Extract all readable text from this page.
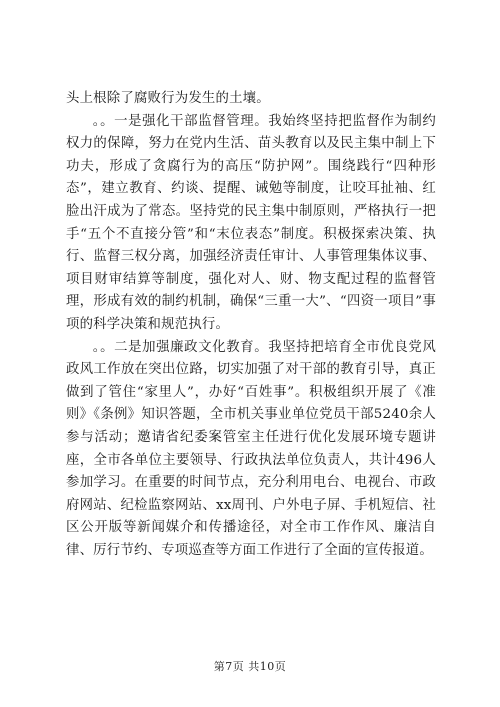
头上根除了腐败行为发生的土壤。

。。一是强化干部监督管理。我始终坚持把监督作为制约权力的保障，努力在党内生活、苗头教育以及民主集中制上下功夫，形成了贪腐行为的高压“防护网”。围绕践行“四种形态”，建立教育、约谈、提醒、诫勉等制度，让咬耳扯袖、红脸出汗成为了常态。坚持党的民主集中制原则，严格执行一把手“五个不直接分管”和“末位表态”制度。积极探索决策、执行、监督三权分离，加强经济责任审计、人事管理集体议事、项目财审结算等制度，强化对人、财、物支配过程的监督管理，形成有效的制约机制，确保“三重一大”、“四资一项目”事项的科学决策和规范执行。

。。二是加强廉政文化教育。我坚持把培育全市优良党风政风工作放在突出位路，切实加强了对干部的教育引导，真正做到了管住“家里人”，办好“百姓事”。积极组织开展了《准则》《条例》知识答题，全市机关事业单位党员干部5240余人参与活动；邀请省纪委案管室主任进行优化发展环境专题讲座，全市各单位主要领导、行政执法单位负责人，共计496人参加学习。在重要的时间节点，充分利用电台、电视台、市政府网站、纪检监察网站、xx周刊、户外电子屏、手机短信、社区公开版等新闻媒介和传播途径，对全市工作作风、廉洁自律、厉行节约、专项巡查等方面工作进行了全面的宣传报道。

第7页 共10页
